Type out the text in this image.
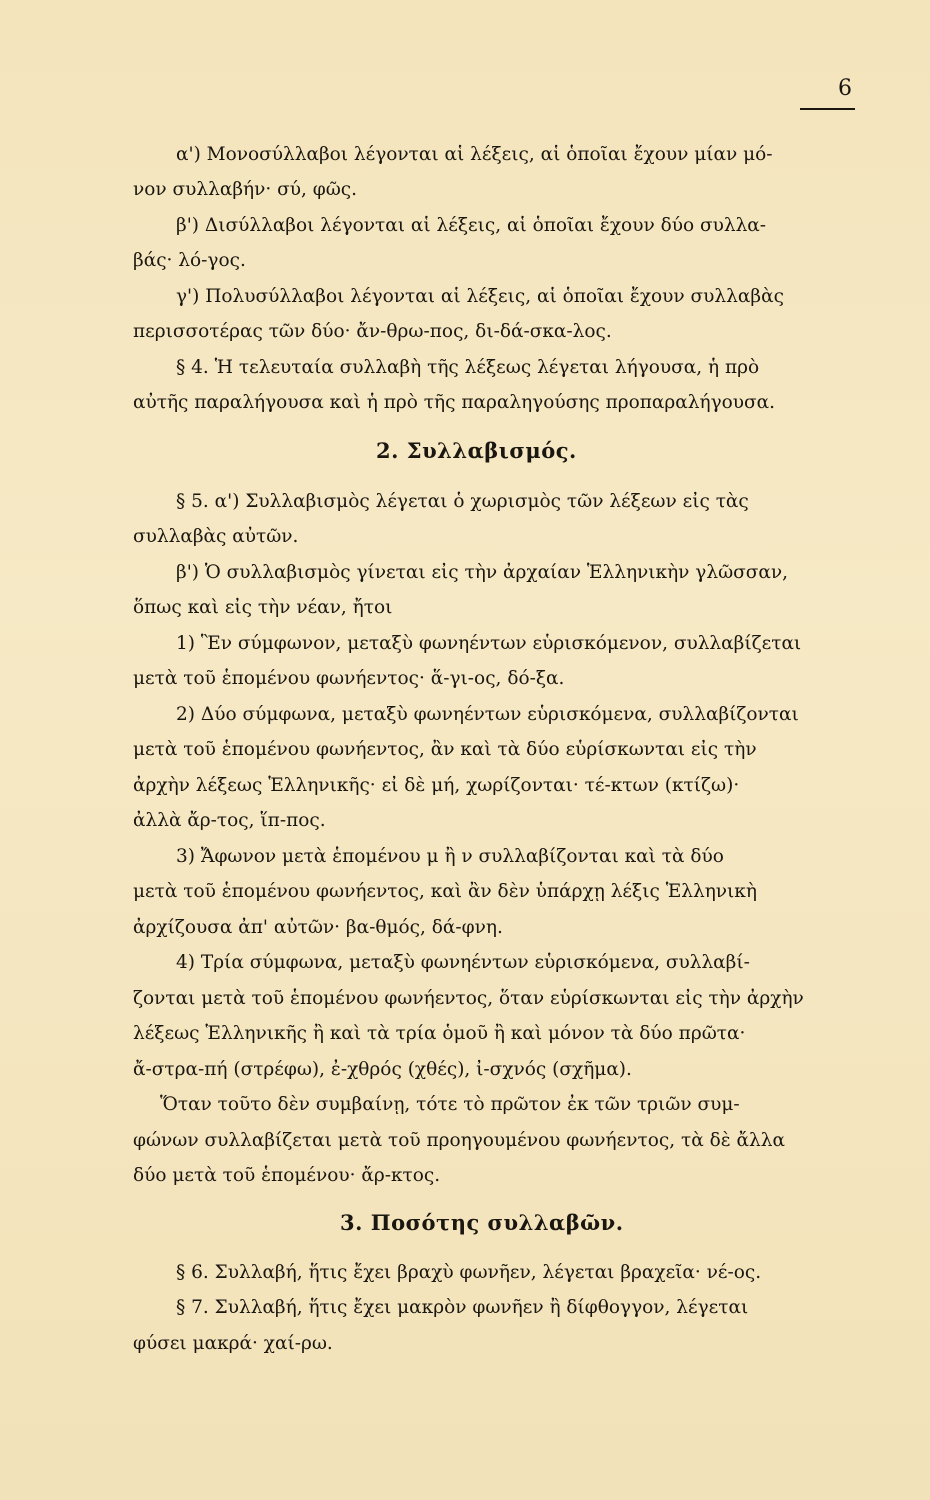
6
α') Μονοσύλλαβοι λέγονται αἱ λέξεις, αἱ ὁποῖαι ἔχουν μίαν μό-
νον συλλαβήν· σύ, φῶς.
β') Δισύλλαβοι λέγονται αἱ λέξεις, αἱ ὁποῖαι ἔχουν δύο συλλα-
βάς· λό-γος.
γ') Πολυσύλλαβοι λέγονται αἱ λέξεις, αἱ ὁποῖαι ἔχουν συλλαβὰς
περισσοτέρας τῶν δύο· ἄν-θρω-πος, δι-δά-σκα-λος.
§ 4. Ἡ τελευταία συλλαβὴ τῆς λέξεως λέγεται λήγουσα, ἡ πρὸ
αὐτῆς παραλήγουσα καὶ ἡ πρὸ τῆς παραληγούσης προπαραλήγουσα.
2. Συλλαβισμός.
§ 5. α') Συλλαβισμὸς λέγεται ὁ χωρισμὸς τῶν λέξεων εἰς τὰς
συλλαβὰς αὐτῶν.
β') Ὁ συλλαβισμὸς γίνεται εἰς τὴν ἀρχαίαν Ἑλληνικὴν γλῶσσαν,
ὅπως καὶ εἰς τὴν νέαν, ἤτοι
1) Ἓν σύμφωνον, μεταξὺ φωνηέντων εὑρισκόμενον, συλλαβίζεται
μετὰ τοῦ ἑπομένου φωνήεντος· ἅ-γι-ος, δό-ξα.
2) Δύο σύμφωνα, μεταξὺ φωνηέντων εὑρισκόμενα, συλλαβίζονται
μετὰ τοῦ ἑπομένου φωνήεντος, ἂν καὶ τὰ δύο εὑρίσκωνται εἰς τὴν
ἀρχὴν λέξεως Ἑλληνικῆς· εἰ δὲ μή, χωρίζονται· τέ-κτων (κτίζω)·
ἀλλὰ ἄρ-τος, ἵπ-πος.
3) Ἄφωνον μετὰ ἑπομένου μ ἢ ν συλλαβίζονται καὶ τὰ δύο
μετὰ τοῦ ἑπομένου φωνήεντος, καὶ ἂν δὲν ὑπάρχῃ λέξις Ἑλληνικὴ
ἀρχίζουσα ἀπ' αὐτῶν· βα-θμός, δά-φνη.
4) Τρία σύμφωνα, μεταξὺ φωνηέντων εὑρισκόμενα, συλλαβί-
ζονται μετὰ τοῦ ἑπομένου φωνήεντος, ὅταν εὑρίσκωνται εἰς τὴν ἀρχὴν
λέξεως Ἑλληνικῆς ἢ καὶ τὰ τρία ὁμοῦ ἢ καὶ μόνον τὰ δύο πρῶτα·
ἄ-στρα-πή (στρέφω), ἐ-χθρός (χθές), ἰ-σχνός (σχῆμα).
Ὅταν τοῦτο δὲν συμβαίνῃ, τότε τὸ πρῶτον ἐκ τῶν τριῶν συμ-
φώνων συλλαβίζεται μετὰ τοῦ προηγουμένου φωνήεντος, τὰ δὲ ἄλλα
δύο μετὰ τοῦ ἑπομένου· ἄρ-κτος.
3. Ποσότης συλλαβῶν.
§ 6. Συλλαβή, ἥτις ἔχει βραχὺ φωνῆεν, λέγεται βραχεῖα· νέ-ος.
§ 7. Συλλαβή, ἥτις ἔχει μακρὸν φωνῆεν ἢ δίφθογγον, λέγεται
φύσει μακρά· χαί-ρω.
